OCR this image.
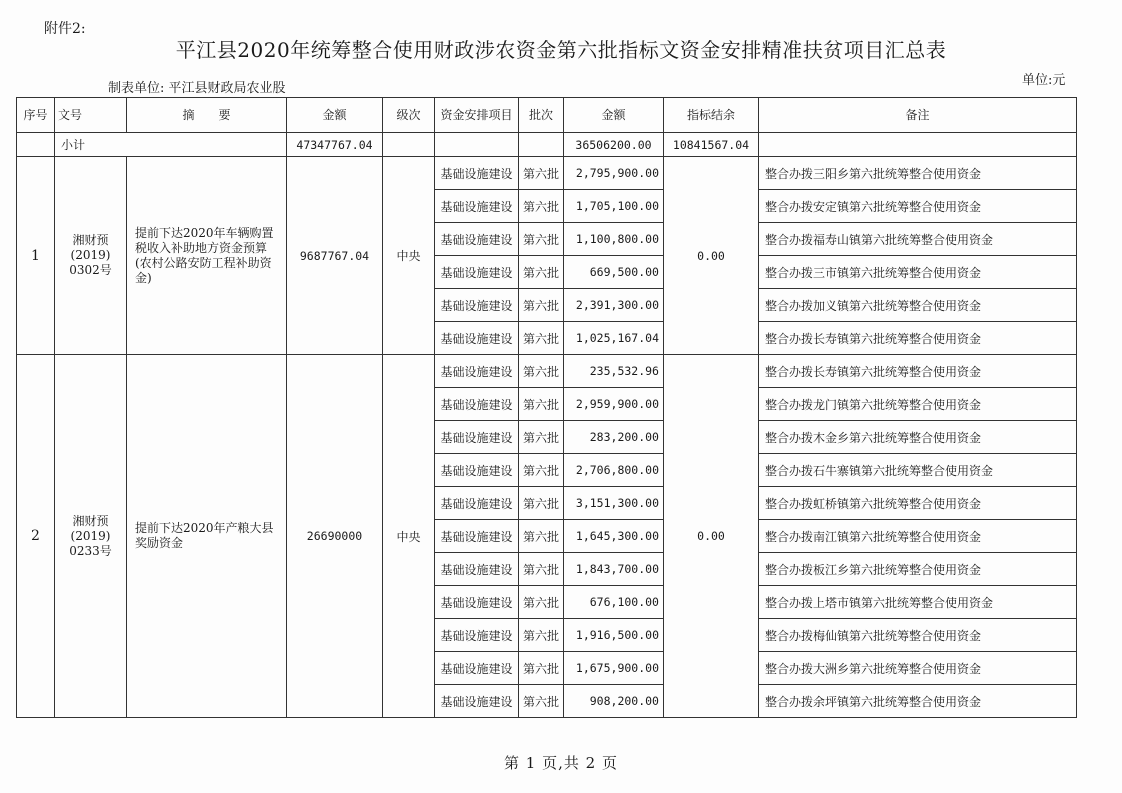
附件2:
平江县2020年统筹整合使用财政涉农资金第六批指标文资金安排精准扶贫项目汇总表
制表单位: 平江县财政局农业股
单位:元
序号	文号	摘　　要	金额	级次	资金安排项目	批次	金额	指标结余	备注
	小计		47347767.04				36506200.00	10841567.04	
1	湘财预
(2019)
0302号	提前下达2020年车辆购置税收入补助地方资金预算(农村公路安防工程补助资金)	9687767.04	中央	基础设施建设	第六批	2,795,900.00	0.00	整合办拨三阳乡第六批统筹整合使用资金
					基础设施建设	第六批	1,705,100.00		整合办拨安定镇第六批统筹整合使用资金
					基础设施建设	第六批	1,100,800.00		整合办拨福寿山镇第六批统筹整合使用资金
					基础设施建设	第六批	669,500.00		整合办拨三市镇第六批统筹整合使用资金
					基础设施建设	第六批	2,391,300.00		整合办拨加义镇第六批统筹整合使用资金
					基础设施建设	第六批	1,025,167.04		整合办拨长寿镇第六批统筹整合使用资金
2	湘财预
(2019)
0233号	提前下达2020年产粮大县奖励资金	26690000	中央	基础设施建设	第六批	235,532.96	0.00	整合办拨长寿镇第六批统筹整合使用资金
					基础设施建设	第六批	2,959,900.00		整合办拨龙门镇第六批统筹整合使用资金
					基础设施建设	第六批	283,200.00		整合办拨木金乡第六批统筹整合使用资金
					基础设施建设	第六批	2,706,800.00		整合办拨石牛寨镇第六批统筹整合使用资金
					基础设施建设	第六批	3,151,300.00		整合办拨虹桥镇第六批统筹整合使用资金
					基础设施建设	第六批	1,645,300.00		整合办拨南江镇第六批统筹整合使用资金
					基础设施建设	第六批	1,843,700.00		整合办拨板江乡第六批统筹整合使用资金
					基础设施建设	第六批	676,100.00		整合办拨上塔市镇第六批统筹整合使用资金
					基础设施建设	第六批	1,916,500.00		整合办拨梅仙镇第六批统筹整合使用资金
					基础设施建设	第六批	1,675,900.00		整合办拨大洲乡第六批统筹整合使用资金
					基础设施建设	第六批	908,200.00		整合办拨余坪镇第六批统筹整合使用资金
第 1 页,共 2 页
